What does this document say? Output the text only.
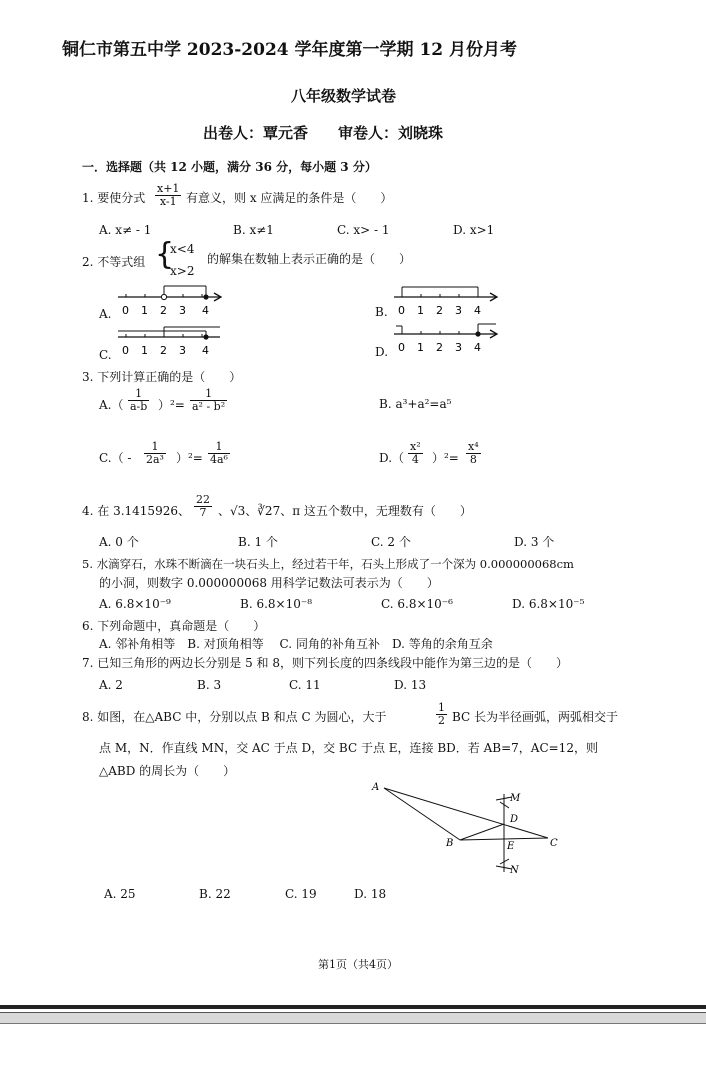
铜仁市第五中学 2023-2024 学年度第一学期 12 月份月考
八年级数学试卷
出卷人：覃元香　　审卷人：刘晓珠
一．选择题（共 12 小题，满分 36 分，每小题 3 分）
1. 要使分式 $\frac{x+1}{x-1}$ 有意义，则 x 应满足的条件是（　　）
A. x≠ - 1	B. x≠1	C. x> - 1	D. x>1
2. 不等式组 {
x<4
x>2
的解集在数轴上表示正确的是（　　）
A.	B.
C.	D.
0 1 2 3 4	0 1 2 3 4
0 1 2 3 4	0 1 2 3 4
3. 下列计算正确的是（　　）
$A.( \frac{1}{a-b} )^2= \frac{1}{\text{a² - b²}}$	B. a³+a²=a⁵
$C.( - \frac{1}{\text{2a³}} )^2= \frac{1}{\text{4a⁶}}$	$D.( \frac{\text{x²}}{4} )^2= \frac{\text{x⁴}}{8}$
4. 在 3.1415926、 $\frac{22}{7}$ 、√3、∛27、π 这五个数中，无理数有（　　）
A. 0 个	B. 1 个	C. 2 个	D. 3 个
5. 水滴穿石，水珠不断滴在一块石头上，经过若干年，石头上形成了一个深为 0.000000068cm
的小洞，则数字 0.000000068 用科学记数法可表示为（　　）
A. 6.8×10⁻⁹	B. 6.8×10⁻⁸	C. 6.8×10⁻⁶	D. 6.8×10⁻⁵
6. 下列命题中，真命题是（　　）
A. 邻补角相等　B. 对顶角相等　 C. 同角的补角互补　D. 等角的余角互余
7. 已知三角形的两边长分别是 5 和 8，则下列长度的四条线段中能作为第三边的是（　　）
A. 2	B. 3	C. 11	D. 13
8. 如图，在△ABC 中，分别以点 B 和点 C 为圆心，大于	$\frac{1}{2}$ BC 长为半径画弧，两弧相交于
点 M，N．作直线 MN，交 AC 于点 D，交 BC 于点 E，连接 BD．若 AB=7，AC=12，则
△ABD 的周长为（　　）
A
M
D
B	E	C
N
A. 25	B. 22	C. 19	D. 18
第1页（共4页）
